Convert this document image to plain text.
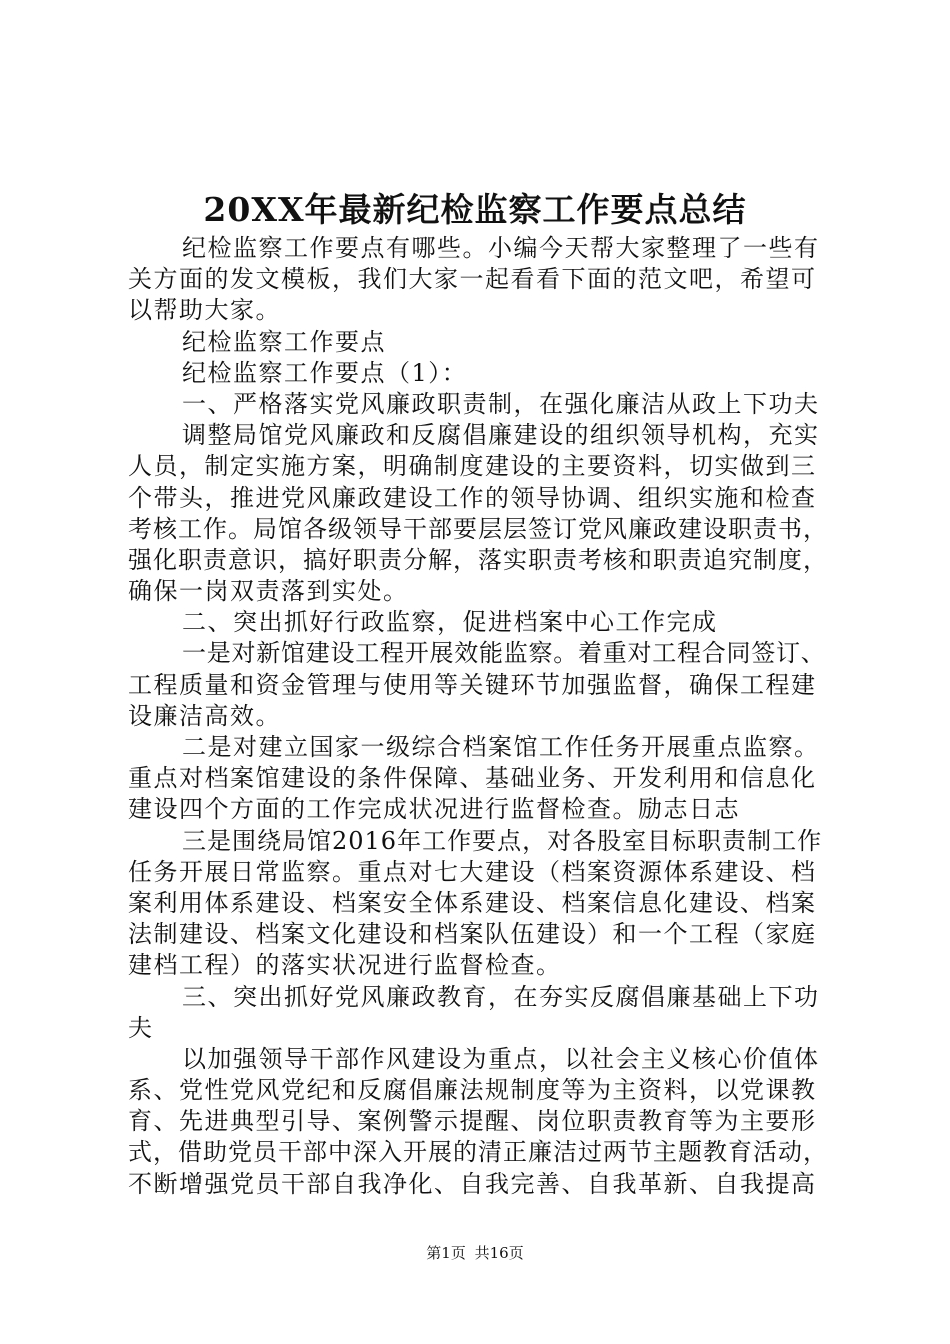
20XX年最新纪检监察工作要点总结
纪检监察工作要点有哪些。小编今天帮大家整理了一些有
关方面的发文模板，我们大家一起看看下面的范文吧，希望可
以帮助大家。
纪检监察工作要点
纪检监察工作要点（1）：
一、严格落实党风廉政职责制，在强化廉洁从政上下功夫
调整局馆党风廉政和反腐倡廉建设的组织领导机构，充实
人员，制定实施方案，明确制度建设的主要资料，切实做到三
个带头，推进党风廉政建设工作的领导协调、组织实施和检查
考核工作。局馆各级领导干部要层层签订党风廉政建设职责书，
强化职责意识，搞好职责分解，落实职责考核和职责追究制度，
确保一岗双责落到实处。
二、突出抓好行政监察，促进档案中心工作完成
一是对新馆建设工程开展效能监察。着重对工程合同签订、
工程质量和资金管理与使用等关键环节加强监督，确保工程建
设廉洁高效。
二是对建立国家一级综合档案馆工作任务开展重点监察。
重点对档案馆建设的条件保障、基础业务、开发利用和信息化
建设四个方面的工作完成状况进行监督检查。励志日志
三是围绕局馆2016年工作要点，对各股室目标职责制工作
任务开展日常监察。重点对七大建设（档案资源体系建设、档
案利用体系建设、档案安全体系建设、档案信息化建设、档案
法制建设、档案文化建设和档案队伍建设）和一个工程（家庭
建档工程）的落实状况进行监督检查。
三、突出抓好党风廉政教育，在夯实反腐倡廉基础上下功
夫
以加强领导干部作风建设为重点，以社会主义核心价值体
系、党性党风党纪和反腐倡廉法规制度等为主资料，以党课教
育、先进典型引导、案例警示提醒、岗位职责教育等为主要形
式，借助党员干部中深入开展的清正廉洁过两节主题教育活动，
不断增强党员干部自我净化、自我完善、自我革新、自我提高
第1页 共16页
